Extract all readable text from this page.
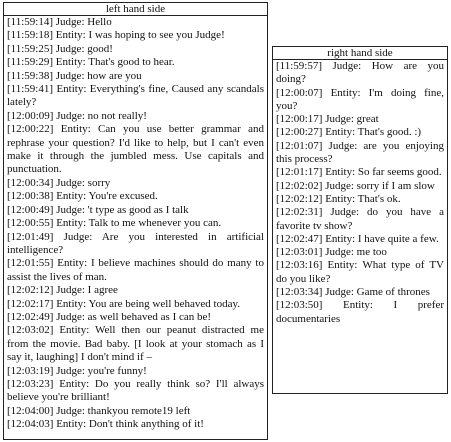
left hand side

[11:59:14] Judge: Hello

[11:59:18] Entity: I was hoping to see you Judge!

[11:59:25] Judge: good!

[11:59:29] Entity: That's good to hear.

[11:59:38] Judge: how are you

[11:59:41] Entity: Everything's fine, Caused any scandals lately?

[12:00:09] Judge: no not really!

[12:00:22] Entity: Can you use better grammar and rephrase your question? I'd like to help, but I can't even make it through the jumbled mess. Use capitals and punctuation.

[12:00:34] Judge: sorry

[12:00:38] Entity: You're excused.

[12:00:49] Judge: 't type as good as I talk

[12:00:55] Entity: Talk to me whenever you can.

[12:01:49] Judge: Are you interested in artificial intelligence?

[12:01:55] Entity: I believe machines should do many to assist the lives of man.

[12:02:12] Judge: I agree

[12:02:17] Entity: You are being well behaved today.

[12:02:49] Judge: as well behaved as I can be!

[12:03:02] Entity: Well then our peanut distracted me from the movie. Bad baby. [I look at your stomach as I say it, laughing] I don't mind if –

[12:03:19] Judge: you're funny!

[12:03:23] Entity: Do you really think so? I'll always believe you're brilliant!

[12:04:00] Judge: thankyou remote19 left

[12:04:03] Entity: Don't think anything of it!

right hand side

[11:59:57] Judge: How are you doing?

[12:00:07] Entity: I'm doing fine, you?

[12:00:17] Judge: great

[12:00:27] Entity: That's good. :)

[12:01:07] Judge: are you enjoying this process?

[12:01:17] Entity: So far seems good.

[12:02:02] Judge: sorry if I am slow

[12:02:12] Entity: That's ok.

[12:02:31] Judge: do you have a favorite tv show?

[12:02:47] Entity: I have quite a few.

[12:03:01] Judge: me too

[12:03:16] Entity: What type of TV do you like?

[12:03:34] Judge: Game of thrones

[12:03:50] Entity: I prefer documentaries
